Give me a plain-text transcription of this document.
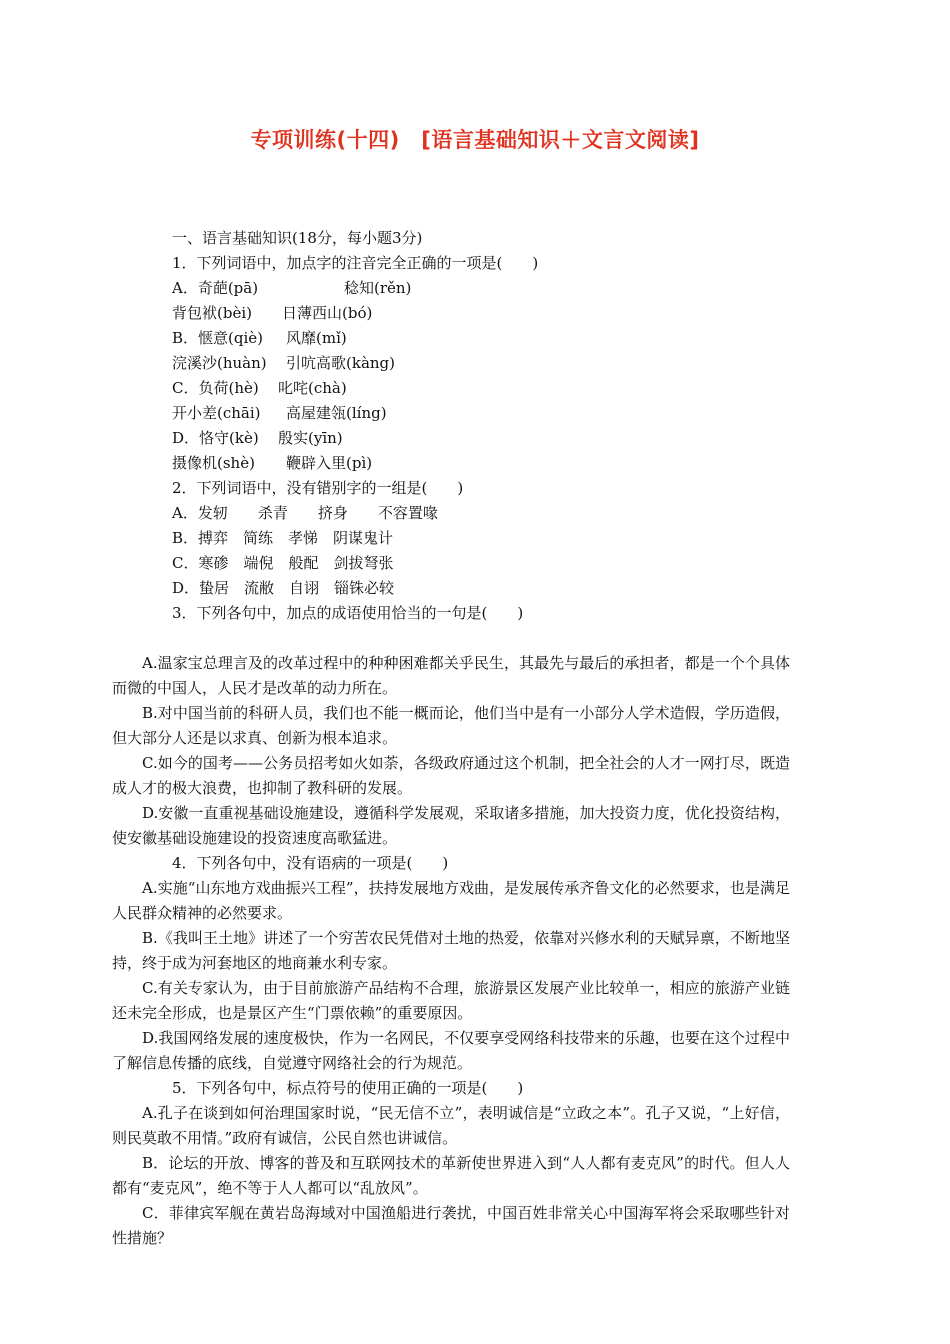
专项训练(十四)　[语言基础知识＋文言文阅读]
一、语言基础知识(18分，每小题3分)
1．下列词语中，加点字的注音完全正确的一项是(　　)
A．奇葩(pā)	稔知(rěn)
背包袱(bèi) 日薄西山(bó)
B．惬意(qiè) 风靡(mǐ)
浣溪沙(huàn) 引吭高歌(kàng)
C．负荷(hè) 叱咤(chà)
开小差(chāi) 高屋建瓴(líng)
D．恪守(kè) 殷实(yīn)
摄像机(shè) 鞭辟入里(pì)
2．下列词语中，没有错别字的一组是(　　)
A．发轫　　杀青　　挤身　　不容置喙
B．搏弈　简练　孝悌　阴谋鬼计
C．寒碜　端倪　般配　剑拔弩张
D．蛰居　流敝　自诩　锱铢必较
3．下列各句中，加点的成语使用恰当的一句是(　　)
A.温家宝总理言及的改革过程中的种种困难都关乎民生，其最先与最后的承担者，都是一个个具体而微的中国人，人民才是改革的动力所在。
B.对中国当前的科研人员，我们也不能一概而论，他们当中是有一小部分人学术造假，学历造假，但大部分人还是以求真、创新为根本追求。
C.如今的国考——公务员招考如火如荼，各级政府通过这个机制，把全社会的人才一网打尽，既造成人才的极大浪费，也抑制了教科研的发展。
D.安徽一直重视基础设施建设，遵循科学发展观，采取诸多措施，加大投资力度，优化投资结构，使安徽基础设施建设的投资速度高歌猛进。
4．下列各句中，没有语病的一项是(　　)
A.实施“山东地方戏曲振兴工程”，扶持发展地方戏曲，是发展传承齐鲁文化的必然要求，也是满足人民群众精神的必然要求。
B.《我叫王土地》讲述了一个穷苦农民凭借对土地的热爱，依靠对兴修水利的天赋异禀，不断地坚持，终于成为河套地区的地商兼水利专家。
C.有关专家认为，由于目前旅游产品结构不合理，旅游景区发展产业比较单一，相应的旅游产业链还未完全形成，也是景区产生“门票依赖”的重要原因。
D.我国网络发展的速度极快，作为一名网民，不仅要享受网络科技带来的乐趣，也要在这个过程中了解信息传播的底线，自觉遵守网络社会的行为规范。
5．下列各句中，标点符号的使用正确的一项是(　　)
A.孔子在谈到如何治理国家时说，“民无信不立”，表明诚信是“立政之本”。孔子又说，“上好信，则民莫敢不用情。”政府有诚信，公民自然也讲诚信。
B．论坛的开放、博客的普及和互联网技术的革新使世界进入到“人人都有麦克风”的时代。但人人都有“麦克风”，绝不等于人人都可以“乱放风”。
C．菲律宾军舰在黄岩岛海域对中国渔船进行袭扰，中国百姓非常关心中国海军将会采取哪些针对性措施？
